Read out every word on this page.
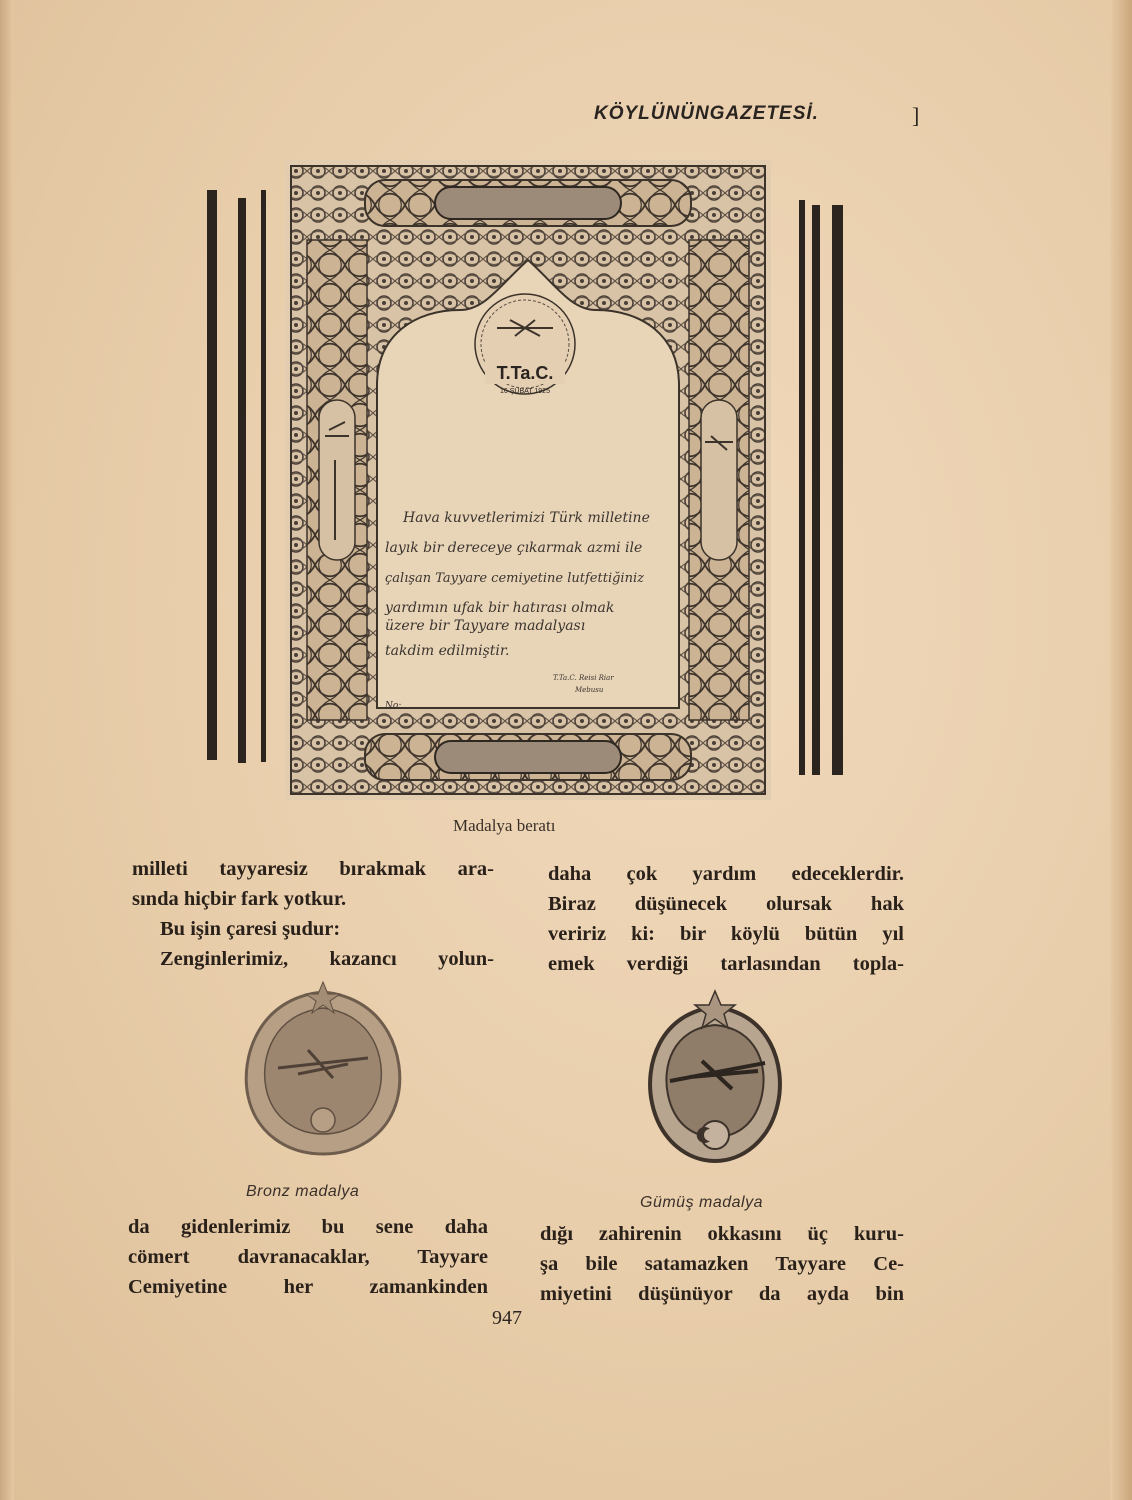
KÖYLÜNÜNGAZETESİ.	]
T.Ta.C.
16 ŞUBAT 1925
Hava kuvvetlerimizi Türk milletine
layık bir dereceye çıkarmak azmi ile
çalışan Tayyare cemiyetine lutfettiğiniz
yardımın ufak bir hatırası olmak
üzere bir Tayyare madalyası
takdim edilmiştir.
T.Ta.C. Reisi Riar
Mebusu
No:
Madalya beratı

milleti tayyaresiz bırakmak ara-

sında hiçbir fark yotkur.

Bu işin çaresi şudur:

Zenginlerimiz, kazancı yolun-

daha çok yardım edeceklerdir.

Biraz düşünecek olursak hak

veririz ki: bir köylü bütün yıl

emek verdiği tarlasından topla-

Bronz madalya
Gümüş madalya

da gidenlerimiz bu sene daha

cömert davranacaklar, Tayyare

Cemiyetine her zamankinden

dığı zahirenin okkasını üç kuru-

şa bile satamazken Tayyare Ce-

miyetini düşünüyor da ayda bin

947
